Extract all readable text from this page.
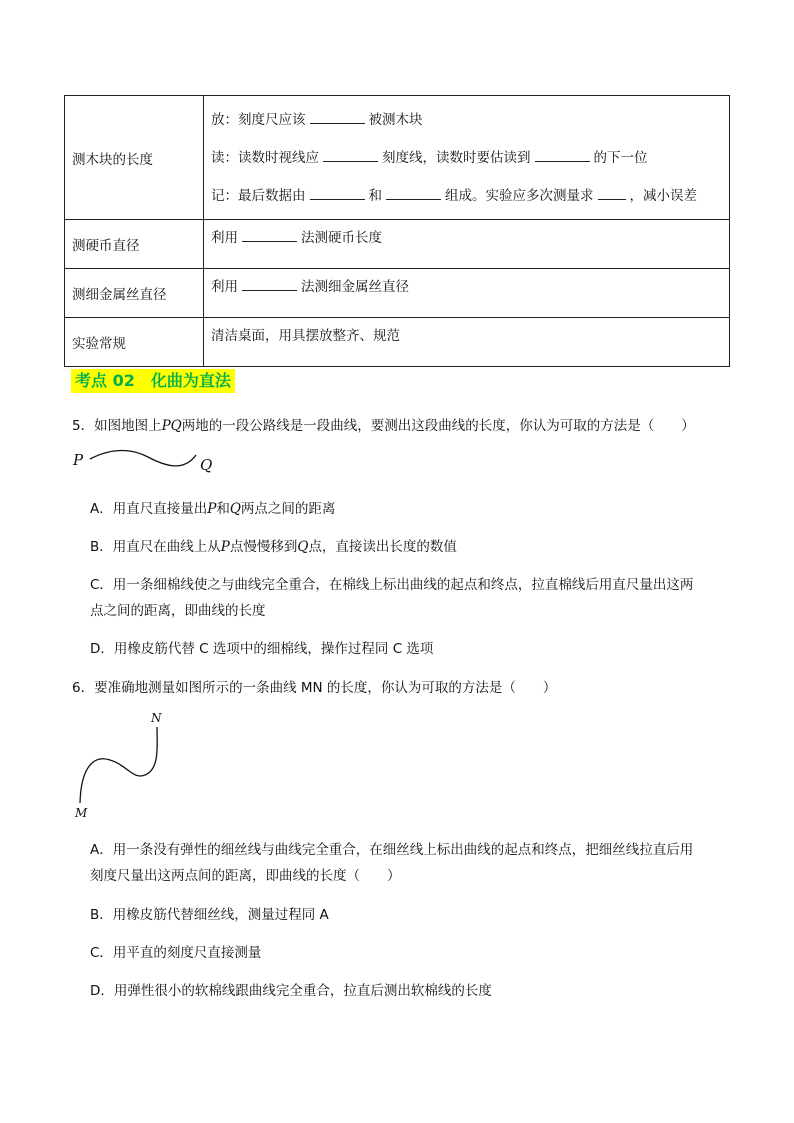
测木块的长度	放：刻度尺应该 被测木块
读：读数时视线应 刻度线，读数时要估读到 的下一位
记：最后数据由 和 组成。实验应多次测量求 ，减小误差

测硬币直径	利用 法测硬币长度
测细金属丝直径	利用 法测细金属丝直径
实验常规	清洁桌面，用具摆放整齐、规范
考点 02　化曲为直法
5．如图地图上PQ两地的一段公路线是一段曲线，要测出这段曲线的长度，你认为可取的方法是（　　）
P	Q
A．用直尺直接量出P和Q两点之间的距离
B．用直尺在曲线上从P点慢慢移到Q点，直接读出长度的数值
C．用一条细棉线使之与曲线完全重合，在棉线上标出曲线的起点和终点，拉直棉线后用直尺量出这两
点之间的距离，即曲线的长度
D．用橡皮筋代替 C 选项中的细棉线，操作过程同 C 选项
6．要准确地测量如图所示的一条曲线 MN 的长度，你认为可取的方法是（　　）
N
M
A．用一条没有弹性的细丝线与曲线完全重合，在细丝线上标出曲线的起点和终点，把细丝线拉直后用
刻度尺量出这两点间的距离，即曲线的长度（　　）
B．用橡皮筋代替细丝线，测量过程同 A
C．用平直的刻度尺直接测量
D．用弹性很小的软棉线跟曲线完全重合，拉直后测出软棉线的长度
